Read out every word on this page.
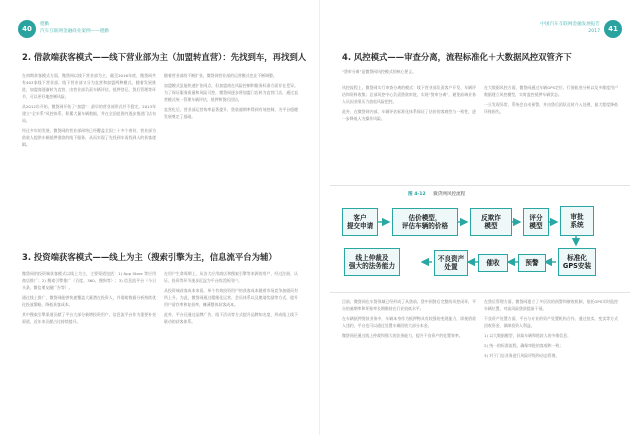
40
德勤
汽车互联网金融商业案例——德勤
2. 借款端获客模式——线下营业部为主（加盟转直营）：先找到车，再找到人

在初期获客模式方面，微贷网以线下营业部为主，截至2016年底，微贷网共有403家线下营业部，线下营业部又分为直营和加盟两种模式。随着发展推进，加盟商逐渐转为直营，由营业部负责车辆评估、抵押登记、贷后管理等环节，可以更好地控制风险。

从2012年开始，微贷网开始了“加盟”：最早的营业部形式并不稳定。2013年建立“全车系”风控体系，积累大量车辆数据，并在全国范围内逐步推进门店布局。

经过多年的发展，微贷网的营业部网络已经覆盖全国三十多个省份，营业部为借款人提供车辆抵押借款的线下服务，从而实现了先找到车再找到人的获客逻辑。

随着营业部的不断扩张，微贷网营业部的运营模式也在不断调整。

加盟模式虽能快速扩张网点，但加盟商在风险控制和服务标准方面存在差异。为了保证服务质量和风险可控，微贷网逐步将加盟门店转为直营门店，通过直营模式统一管理车辆评估、抵押和贷后回访。

直营化后，营业部运营效率显著提升，贷款逾期率得到有效控制，为平台稳健发展奠定了基础。

3. 投资端获客模式——线上为主（搜索引擎为主，信息流平台为辅）

微贷网的投资端获客模式以线上为主，主要渠道包括：1) App Store 等应用商店推广；2) 搜索引擎推广（百度、360、搜狗等）；3) 信息流平台（今日头条、微信朋友圈广告等）。

通过线上推广，微贷网能够快速覆盖大量潜在投资人，并借助数据分析持续优化投放策略，降低获客成本。

其中搜索引擎渠道贡献了平台大部分新增投资用户，信息流平台作为重要补充渠道，近年来贡献占比持续提升。

在用户生命周期上，从各大应用商店和搜索引擎等来源的用户，经过注册、认证、投资等环节逐步沉淀为平台的活跃用户。

从投资端获客成本来看，单个有效投资用户的获客成本随着市场竞争加剧而有所上升。为此，微贷网通过精细化运营、会员体系以及邀请奖励等方式，提升用户留存率和复投率，摊薄整体获客成本。

此外，平台还通过品牌广告、线下活动等方式提升品牌知名度，形成线上线下联动的获客体系。

41
中国汽车互联网金融发展报告
2017
4. 风控模式——审查分离，流程标准化＋大数据风控双管齐下
“贷审分离”是微贷网风控模式的核心要义。

风控流程上，微贷网实行审查分离的模式：线下营业部负责客户开发、车辆评估和资料收集；总部风控中心负责贷款审批，实现“贷审分离”，避免前端业务人员因业绩压力放松风险把控。

此外，在微贷网内部，车辆评估标准化体系保证了估价的客观性与一致性，进一步降低人为操作风险。

在大数据风控方面，微贷网通过车辆GPS定位、行驶轨迹分析以及多维度用户数据建立风控模型，实时监控抵押车辆状态。

一旦发现异常，系统会自动预警，并由贷后团队及时介入处理，最大程度降低坏账损失。

图 4-12 微贷网风控流程
客户
提交申请
估价模型，
评估车辆的价格
反欺诈
模型
评分
模型
审批
系统
线上仲裁及
强大的法务能力
不良资产
处置	催收	预警
标准化
GPS安装

目前，微贷网在车贷领域已经形成了从贷前、贷中到贷后完整的风控闭环，平台的逾期率和坏账率长期维持在行业较低水平。

在车辆抵押贷款业务中，车辆本身作为抵押物具有较强的变现能力，即使借款人违约，平台也可以通过处置车辆回收大部分本金。

微贷网还通过线上仲裁和强大的法务能力，提升不良资产的处置效率。

在贷后管理方面，微贷网建立了多层次的预警和催收机制，依托GPS实时监控车辆位置，对高风险贷款提前干预。

不良资产处置方面，平台与专业的资产处置机构合作，通过拍卖、变卖等方式回收资金，保障投资人利益。

1) 以大数据模型，获取车辆和借款人的多维信息；

2) 统一的标准流程，确保审批的客观和一致；

3) 对于门店业务进行风险评级和动态管理。
